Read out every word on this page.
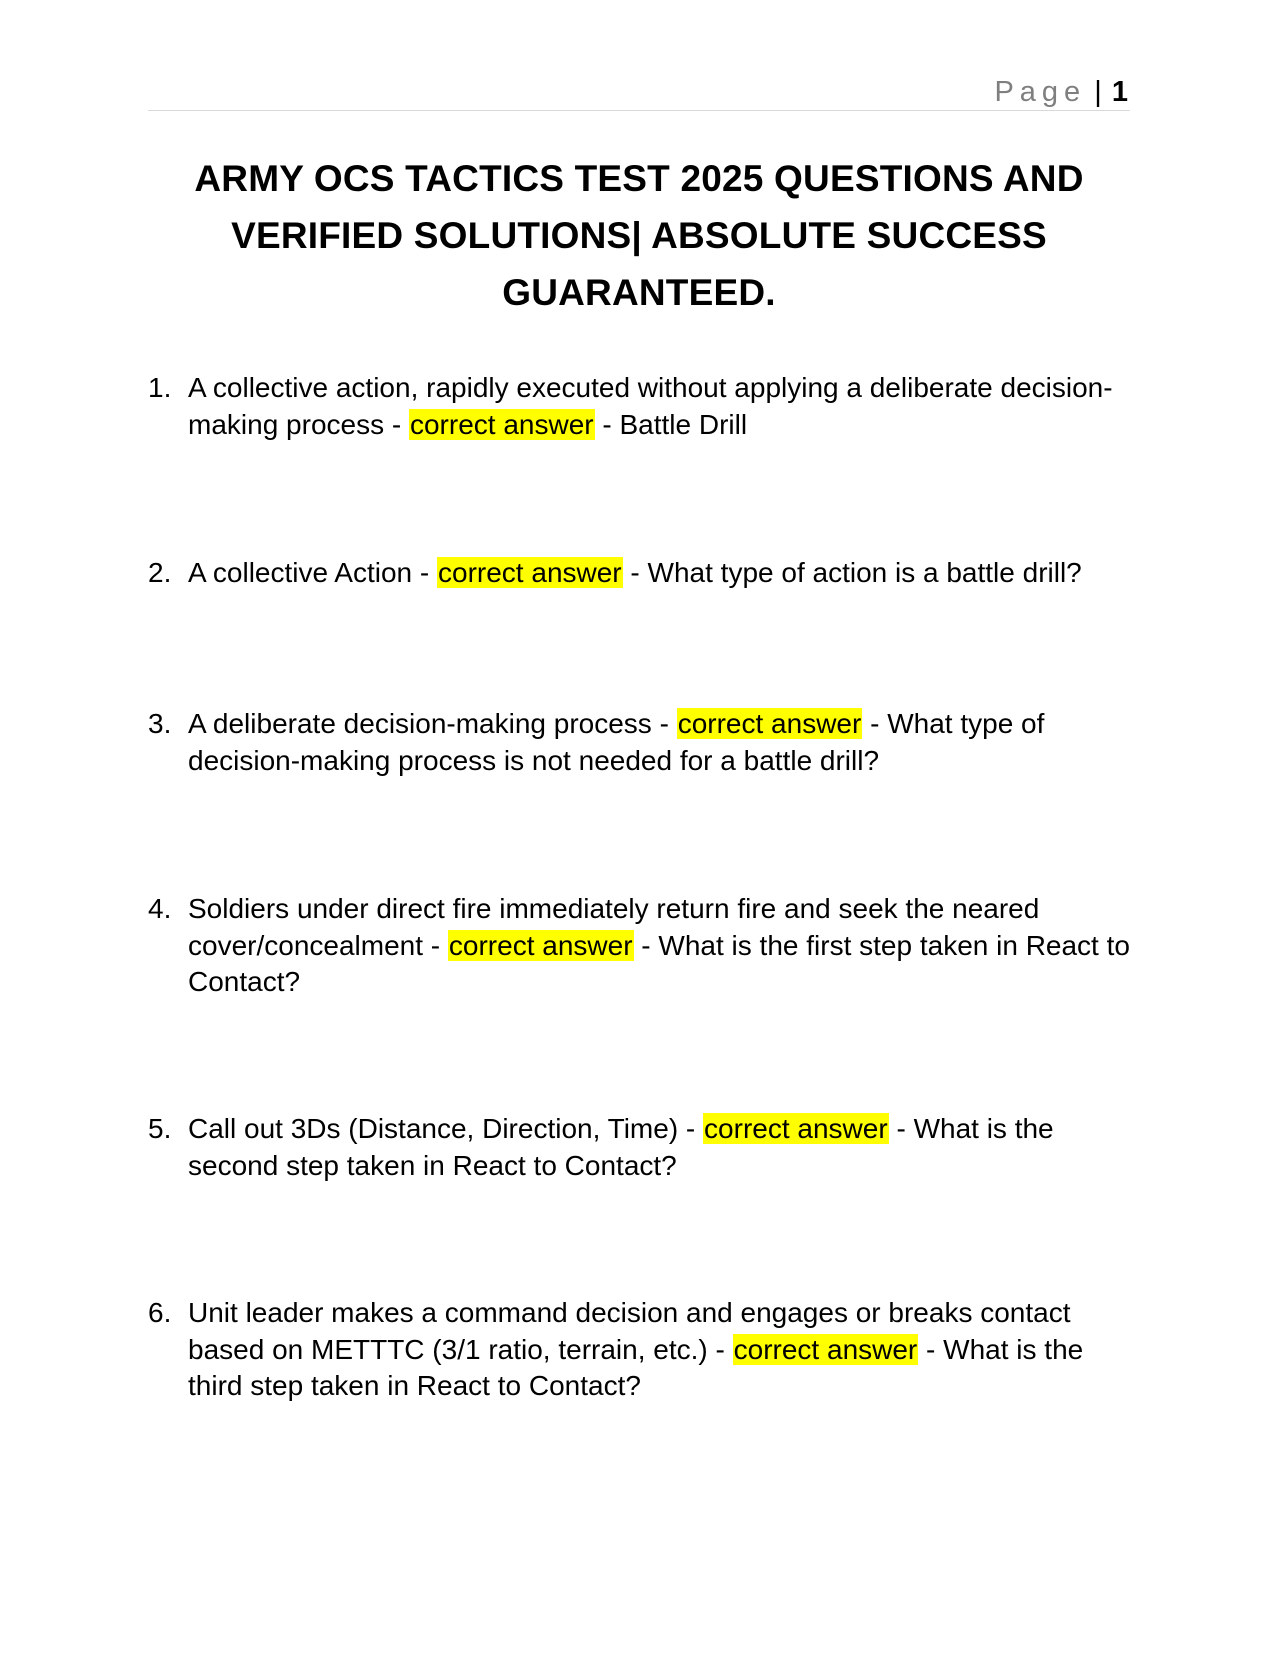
Page | 1
ARMY OCS TACTICS TEST 2025 QUESTIONS AND VERIFIED SOLUTIONS| ABSOLUTE SUCCESS GUARANTEED.
1. A collective action, rapidly executed without applying a deliberate decision-making process - correct answer - Battle Drill
2. A collective Action - correct answer - What type of action is a battle drill?
3. A deliberate decision-making process - correct answer - What type of decision-making process is not needed for a battle drill?
4. Soldiers under direct fire immediately return fire and seek the neared cover/concealment - correct answer - What is the first step taken in React to Contact?
5. Call out 3Ds (Distance, Direction, Time) - correct answer - What is the second step taken in React to Contact?
6. Unit leader makes a command decision and engages or breaks contact based on METTTC (3/1 ratio, terrain, etc.) - correct answer - What is the third step taken in React to Contact?
